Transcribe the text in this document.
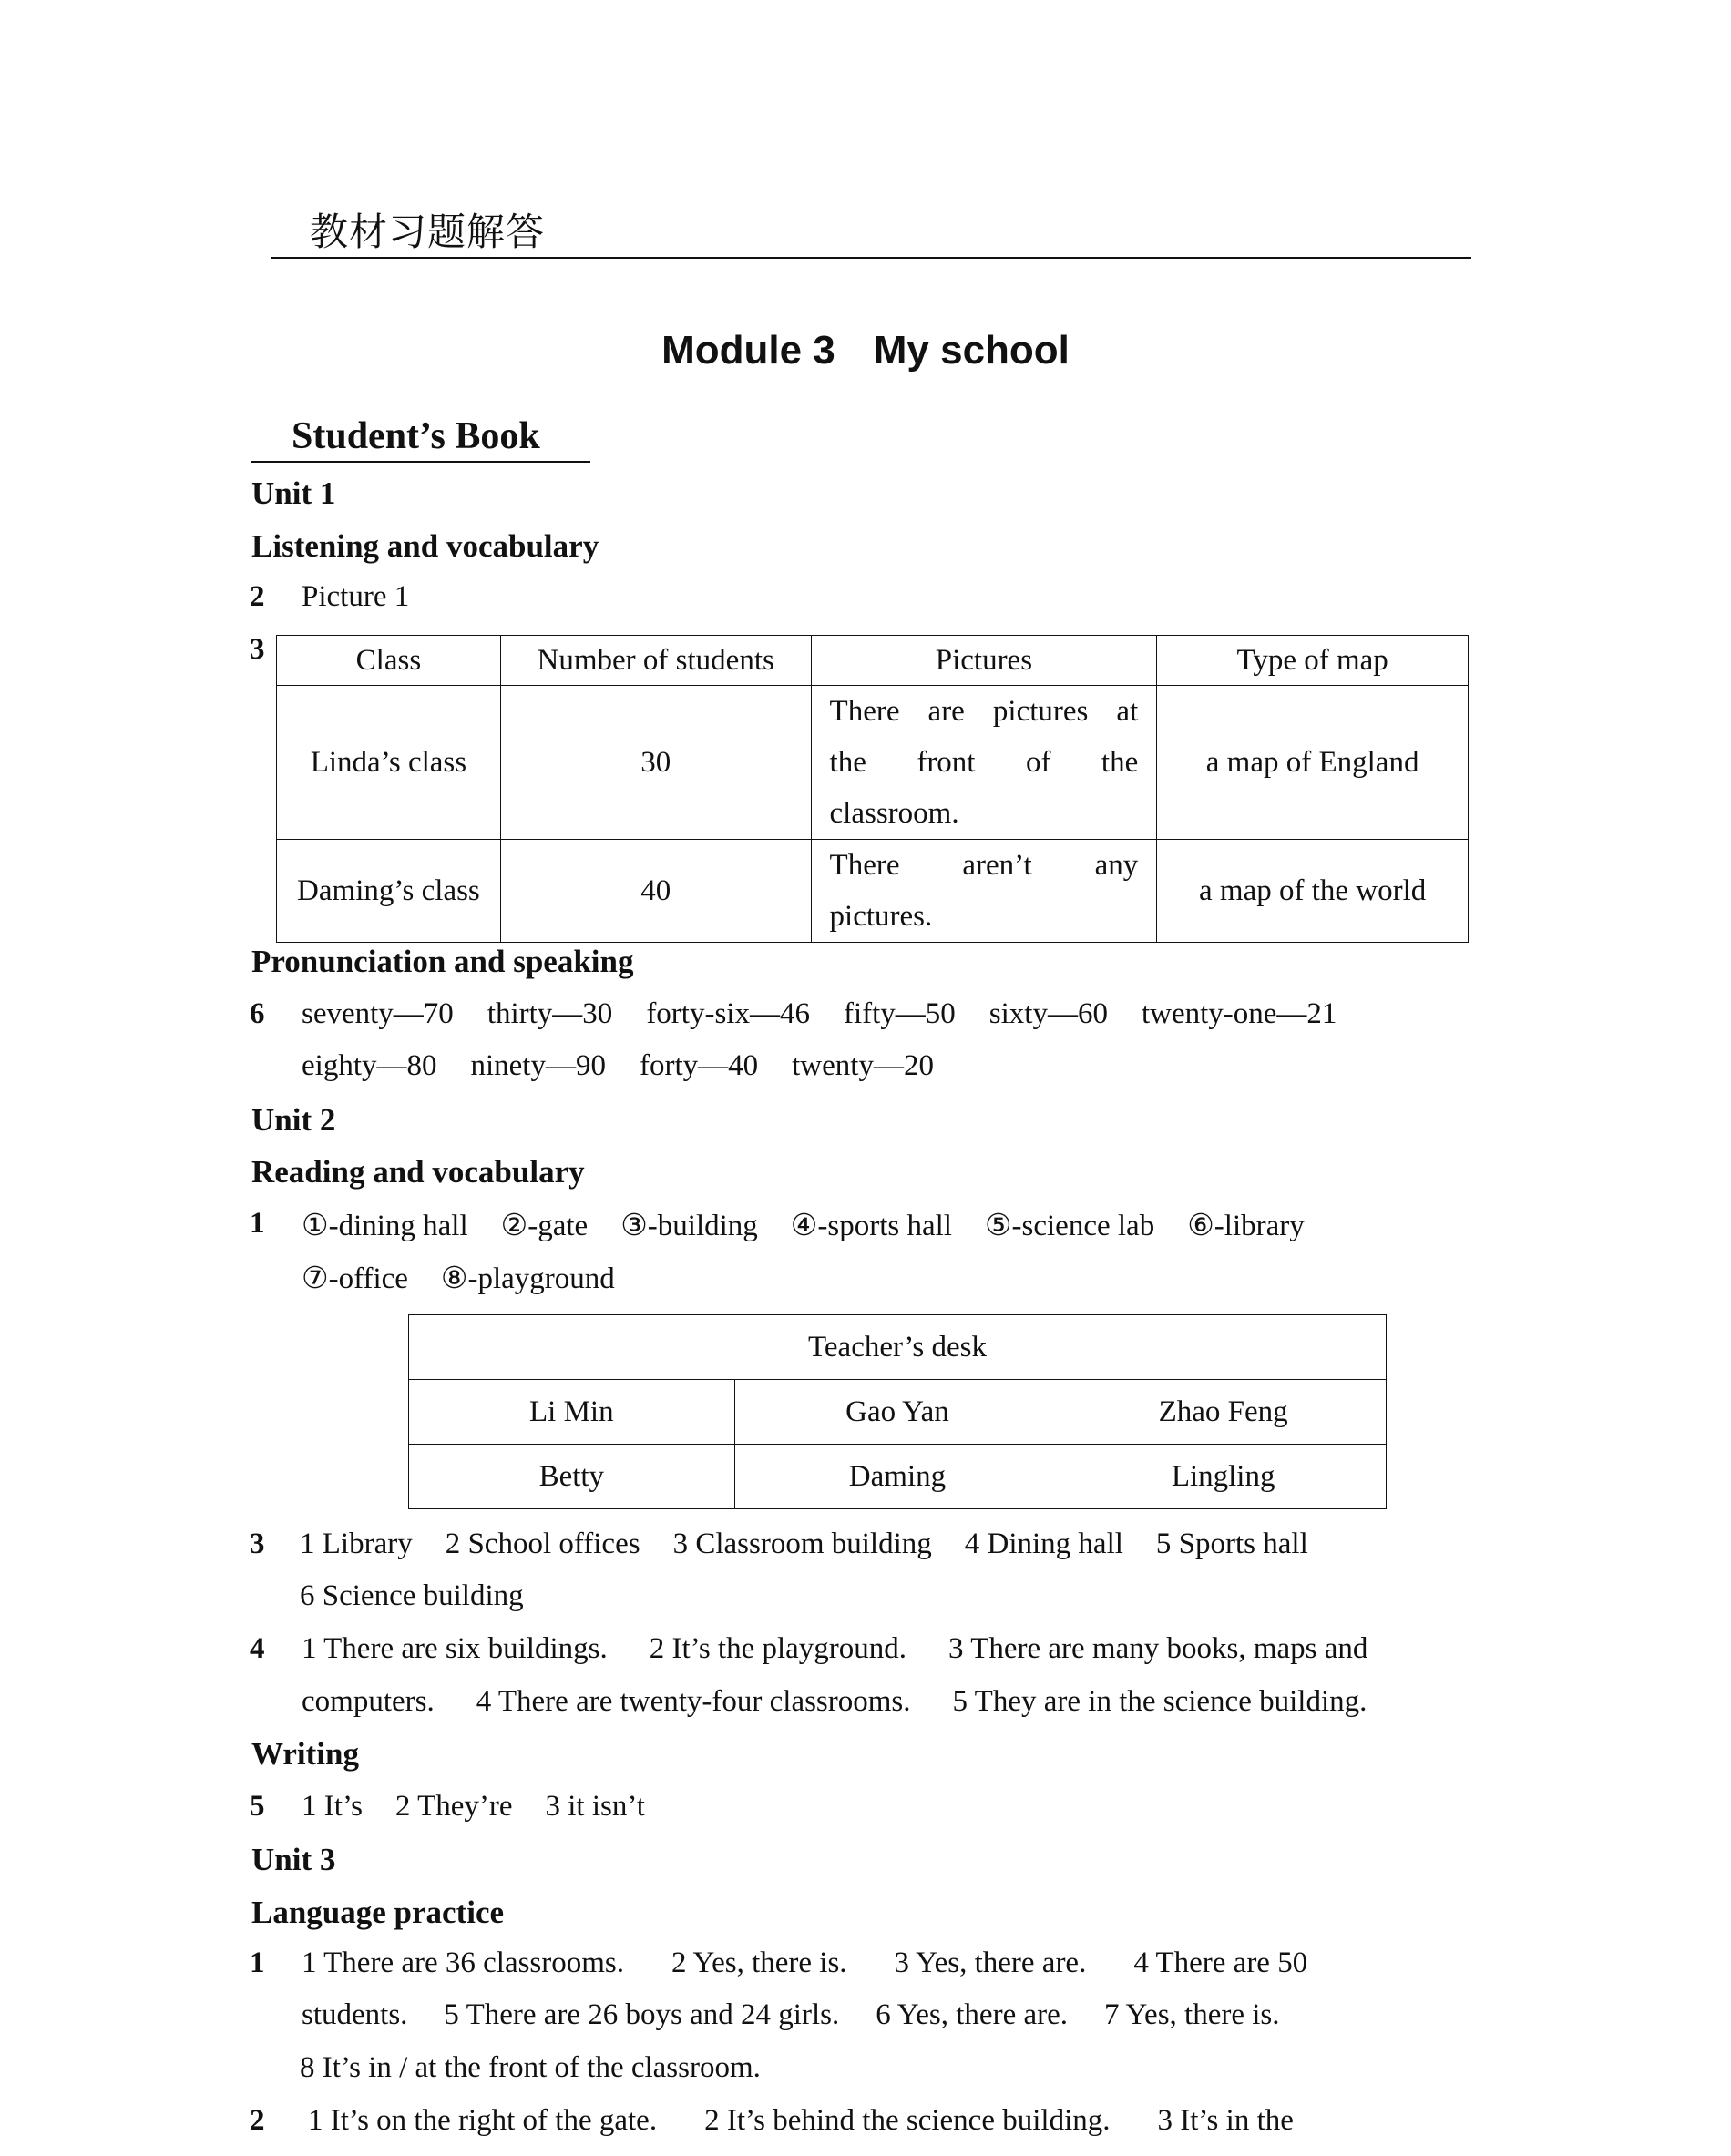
教材习题解答
Module 3 My school
Student’s Book
Unit 1
Listening and vocabulary
2 Picture 1
3	Class	Number of students	Pictures	Type of map
Linda’s class	30	There are pictures at
the front of the
classroom.	a map of England
Daming’s class	40	There aren’t any
pictures.	a map of the world
Pronunciation and speaking
6 seventy—70 thirty—30 forty-six—46 fifty—50 sixty—60 twenty-one—21
eighty—80 ninety—90 forty—40 twenty—20
Unit 2
Reading and vocabulary
1 ①-dining hall ②-gate ③-building ④-sports hall ⑤-science lab ⑥-library
⑦-office ⑧-playground
Teacher’s desk		
Li Min	Gao Yan	Zhao Feng
Betty	Daming	Lingling
3 1 Library 2 School offices 3 Classroom building 4 Dining hall 5 Sports hall
6 Science building
4 1 There are six buildings. 2 It’s the playground. 3 There are many books, maps and
computers. 4 There are twenty-four classrooms. 5 They are in the science building.
Writing
5 1 It’s 2 They’re 3 it isn’t
Unit 3
Language practice
1 1 There are 36 classrooms. 2 Yes, there is. 3 Yes, there are. 4 There are 50
students. 5 There are 26 boys and 24 girls. 6 Yes, there are. 7 Yes, there is.
8 It’s in / at the front of the classroom.
2 1 It’s on the right of the gate. 2 It’s behind the science building. 3 It’s in the
